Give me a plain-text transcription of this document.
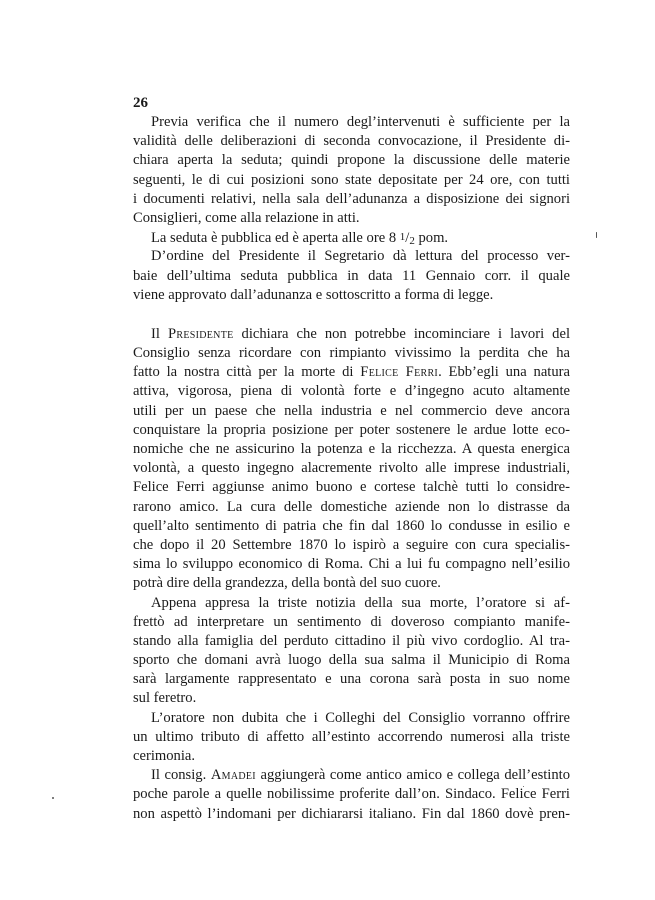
26
Previa verifica che il numero degl’intervenuti è sufficiente per la
validità delle deliberazioni di seconda convocazione, il Presidente di-
chiara aperta la seduta; quindi propone la discussione delle materie
seguenti, le di cui posizioni sono state depositate per 24 ore, con tutti
i documenti relativi, nella sala dell’adunanza a disposizione dei signori
Consiglieri, come alla relazione in atti.
La seduta è pubblica ed è aperta alle ore 8 1/2 pom.
D’ordine del Presidente il Segretario dà lettura del processo ver-
baie dell’ultima seduta pubblica in data 11 Gennaio corr. il quale
viene approvato dall’adunanza e sottoscritto a forma di legge.
Il Presidente dichiara che non potrebbe incominciare i lavori del
Consiglio senza ricordare con rimpianto vivissimo la perdita che ha
fatto la nostra città per la morte di Felice Ferri. Ebb’egli una natura
attiva, vigorosa, piena di volontà forte e d’ingegno acuto altamente
utili per un paese che nella industria e nel commercio deve ancora
conquistare la propria posizione per poter sostenere le ardue lotte eco-
nomiche che ne assicurino la potenza e la ricchezza. A questa energica
volontà, a questo ingegno alacremente rivolto alle imprese industriali,
Felice Ferri aggiunse animo buono e cortese talchè tutti lo considre-
rarono amico. La cura delle domestiche aziende non lo distrasse da
quell’alto sentimento di patria che fin dal 1860 lo condusse in esilio e
che dopo il 20 Settembre 1870 lo ispirò a seguire con cura specialis-
sima lo sviluppo economico di Roma. Chi a lui fu compagno nell’esilio
potrà dire della grandezza, della bontà del suo cuore.
Appena appresa la triste notizia della sua morte, l’oratore si af-
frettò ad interpretare un sentimento di doveroso compianto manife-
stando alla famiglia del perduto cittadino il più vivo cordoglio. Al tra-
sporto che domani avrà luogo della sua salma il Municipio di Roma
sarà largamente rappresentato e una corona sarà posta in suo nome
sul feretro.
L’oratore non dubita che i Colleghi del Consiglio vorranno offrire
un ultimo tributo di affetto all’estinto accorrendo numerosi alla triste
cerimonia.
Il consig. Amadei aggiungerà come antico amico e collega dell’estinto
poche parole a quelle nobilissime proferite dall’on. Sindaco. Felice Ferri
non aspettò l’indomani per dichiararsi italiano. Fin dal 1860 dovè pren-
